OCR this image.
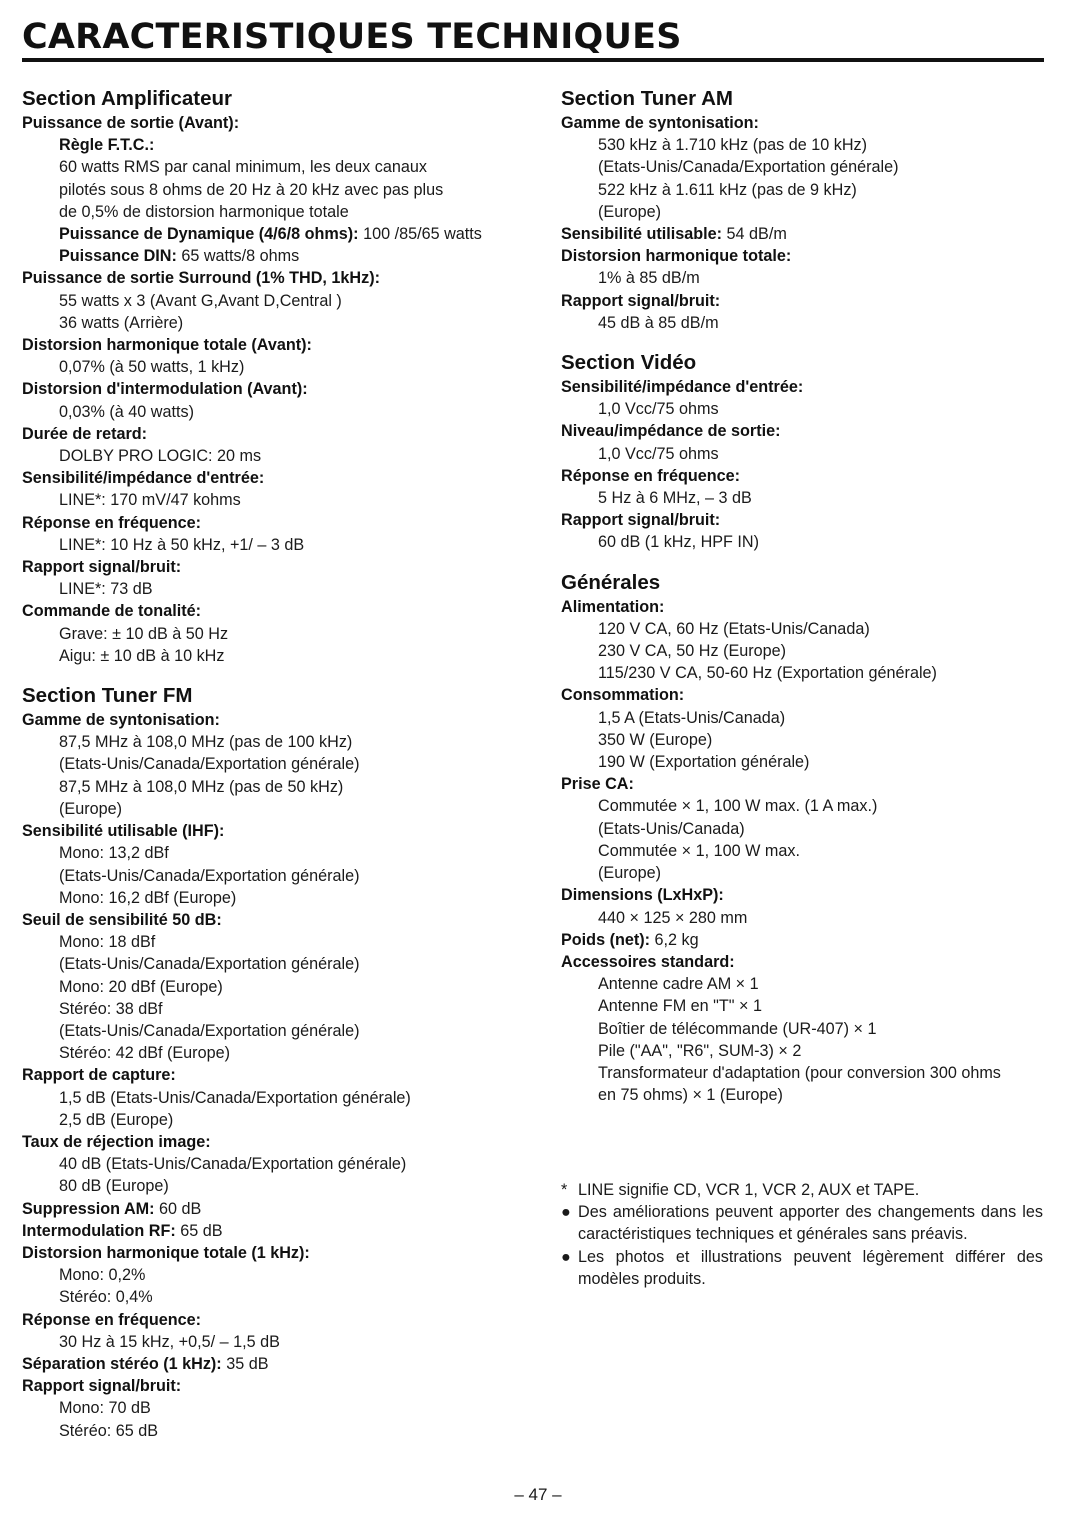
CARACTERISTIQUES TECHNIQUES
Section Amplificateur
Puissance de sortie (Avant):
Règle F.T.C.:
60 watts RMS par canal minimum, les deux canaux
pilotés sous 8 ohms de 20 Hz à 20 kHz avec pas plus
de 0,5% de distorsion harmonique totale
Puissance de Dynamique (4/6/8 ohms): 100 /85/65 watts
Puissance DIN: 65 watts/8 ohms
Puissance de sortie Surround (1% THD, 1kHz):
55 watts x 3 (Avant G,Avant D,Central )
36 watts (Arrière)
Distorsion harmonique totale (Avant):
0,07% (à 50 watts, 1 kHz)
Distorsion d'intermodulation (Avant):
0,03% (à 40 watts)
Durée de retard:
DOLBY PRO LOGIC: 20 ms
Sensibilité/impédance d'entrée:
LINE*: 170 mV/47 kohms
Réponse en fréquence:
LINE*: 10 Hz à 50 kHz, +1/ – 3 dB
Rapport signal/bruit:
LINE*: 73 dB
Commande de tonalité:
Grave: ± 10 dB à 50 Hz
Aigu: ± 10 dB à 10 kHz
Section Tuner FM
Gamme de syntonisation:
87,5 MHz à 108,0 MHz (pas de 100 kHz)
(Etats-Unis/Canada/Exportation générale)
87,5 MHz à 108,0 MHz (pas de 50 kHz)
(Europe)
Sensibilité utilisable (IHF):
Mono: 13,2 dBf
(Etats-Unis/Canada/Exportation générale)
Mono: 16,2 dBf (Europe)
Seuil de sensibilité 50 dB:
Mono: 18 dBf
(Etats-Unis/Canada/Exportation générale)
Mono: 20 dBf (Europe)
Stéréo: 38 dBf
(Etats-Unis/Canada/Exportation générale)
Stéréo: 42 dBf (Europe)
Rapport de capture:
1,5 dB (Etats-Unis/Canada/Exportation générale)
2,5 dB (Europe)
Taux de réjection image:
40 dB (Etats-Unis/Canada/Exportation générale)
80 dB (Europe)
Suppression AM: 60 dB
Intermodulation RF: 65 dB
Distorsion harmonique totale (1 kHz):
Mono: 0,2%
Stéréo: 0,4%
Réponse en fréquence:
30 Hz à 15 kHz, +0,5/ – 1,5 dB
Séparation stéréo (1 kHz): 35 dB
Rapport signal/bruit:
Mono: 70 dB
Stéréo: 65 dB
Section Tuner AM
Gamme de syntonisation:
530 kHz à 1.710 kHz (pas de 10 kHz)
(Etats-Unis/Canada/Exportation générale)
522 kHz à 1.611 kHz (pas de 9 kHz)
(Europe)
Sensibilité utilisable: 54 dB/m
Distorsion harmonique totale:
1% à 85 dB/m
Rapport signal/bruit:
45 dB à 85 dB/m
Section Vidéo
Sensibilité/impédance d'entrée:
1,0 Vcc/75 ohms
Niveau/impédance de sortie:
1,0 Vcc/75 ohms
Réponse en fréquence:
5 Hz à 6 MHz, – 3 dB
Rapport signal/bruit:
60 dB (1 kHz, HPF IN)
Générales
Alimentation:
120 V CA, 60 Hz (Etats-Unis/Canada)
230 V CA, 50 Hz (Europe)
115/230 V CA, 50-60 Hz (Exportation générale)
Consommation:
1,5 A (Etats-Unis/Canada)
350 W (Europe)
190 W (Exportation générale)
Prise CA:
Commutée × 1, 100 W max. (1 A max.)
(Etats-Unis/Canada)
Commutée × 1, 100 W max.
(Europe)
Dimensions (LxHxP):
440 × 125 × 280 mm
Poids (net): 6,2 kg
Accessoires standard:
Antenne cadre AM × 1
Antenne FM en "T" × 1
Boîtier de télécommande (UR-407) × 1
Pile ("AA", "R6", SUM-3) × 2
Transformateur d'adaptation (pour conversion 300 ohms
en 75 ohms) × 1 (Europe)
* LINE signifie CD, VCR 1, VCR 2, AUX et TAPE.
● Des améliorations peuvent apporter des changements dans les caractéristiques techniques et générales sans préavis.
● Les photos et illustrations peuvent légèrement différer des modèles produits.
– 47 –
